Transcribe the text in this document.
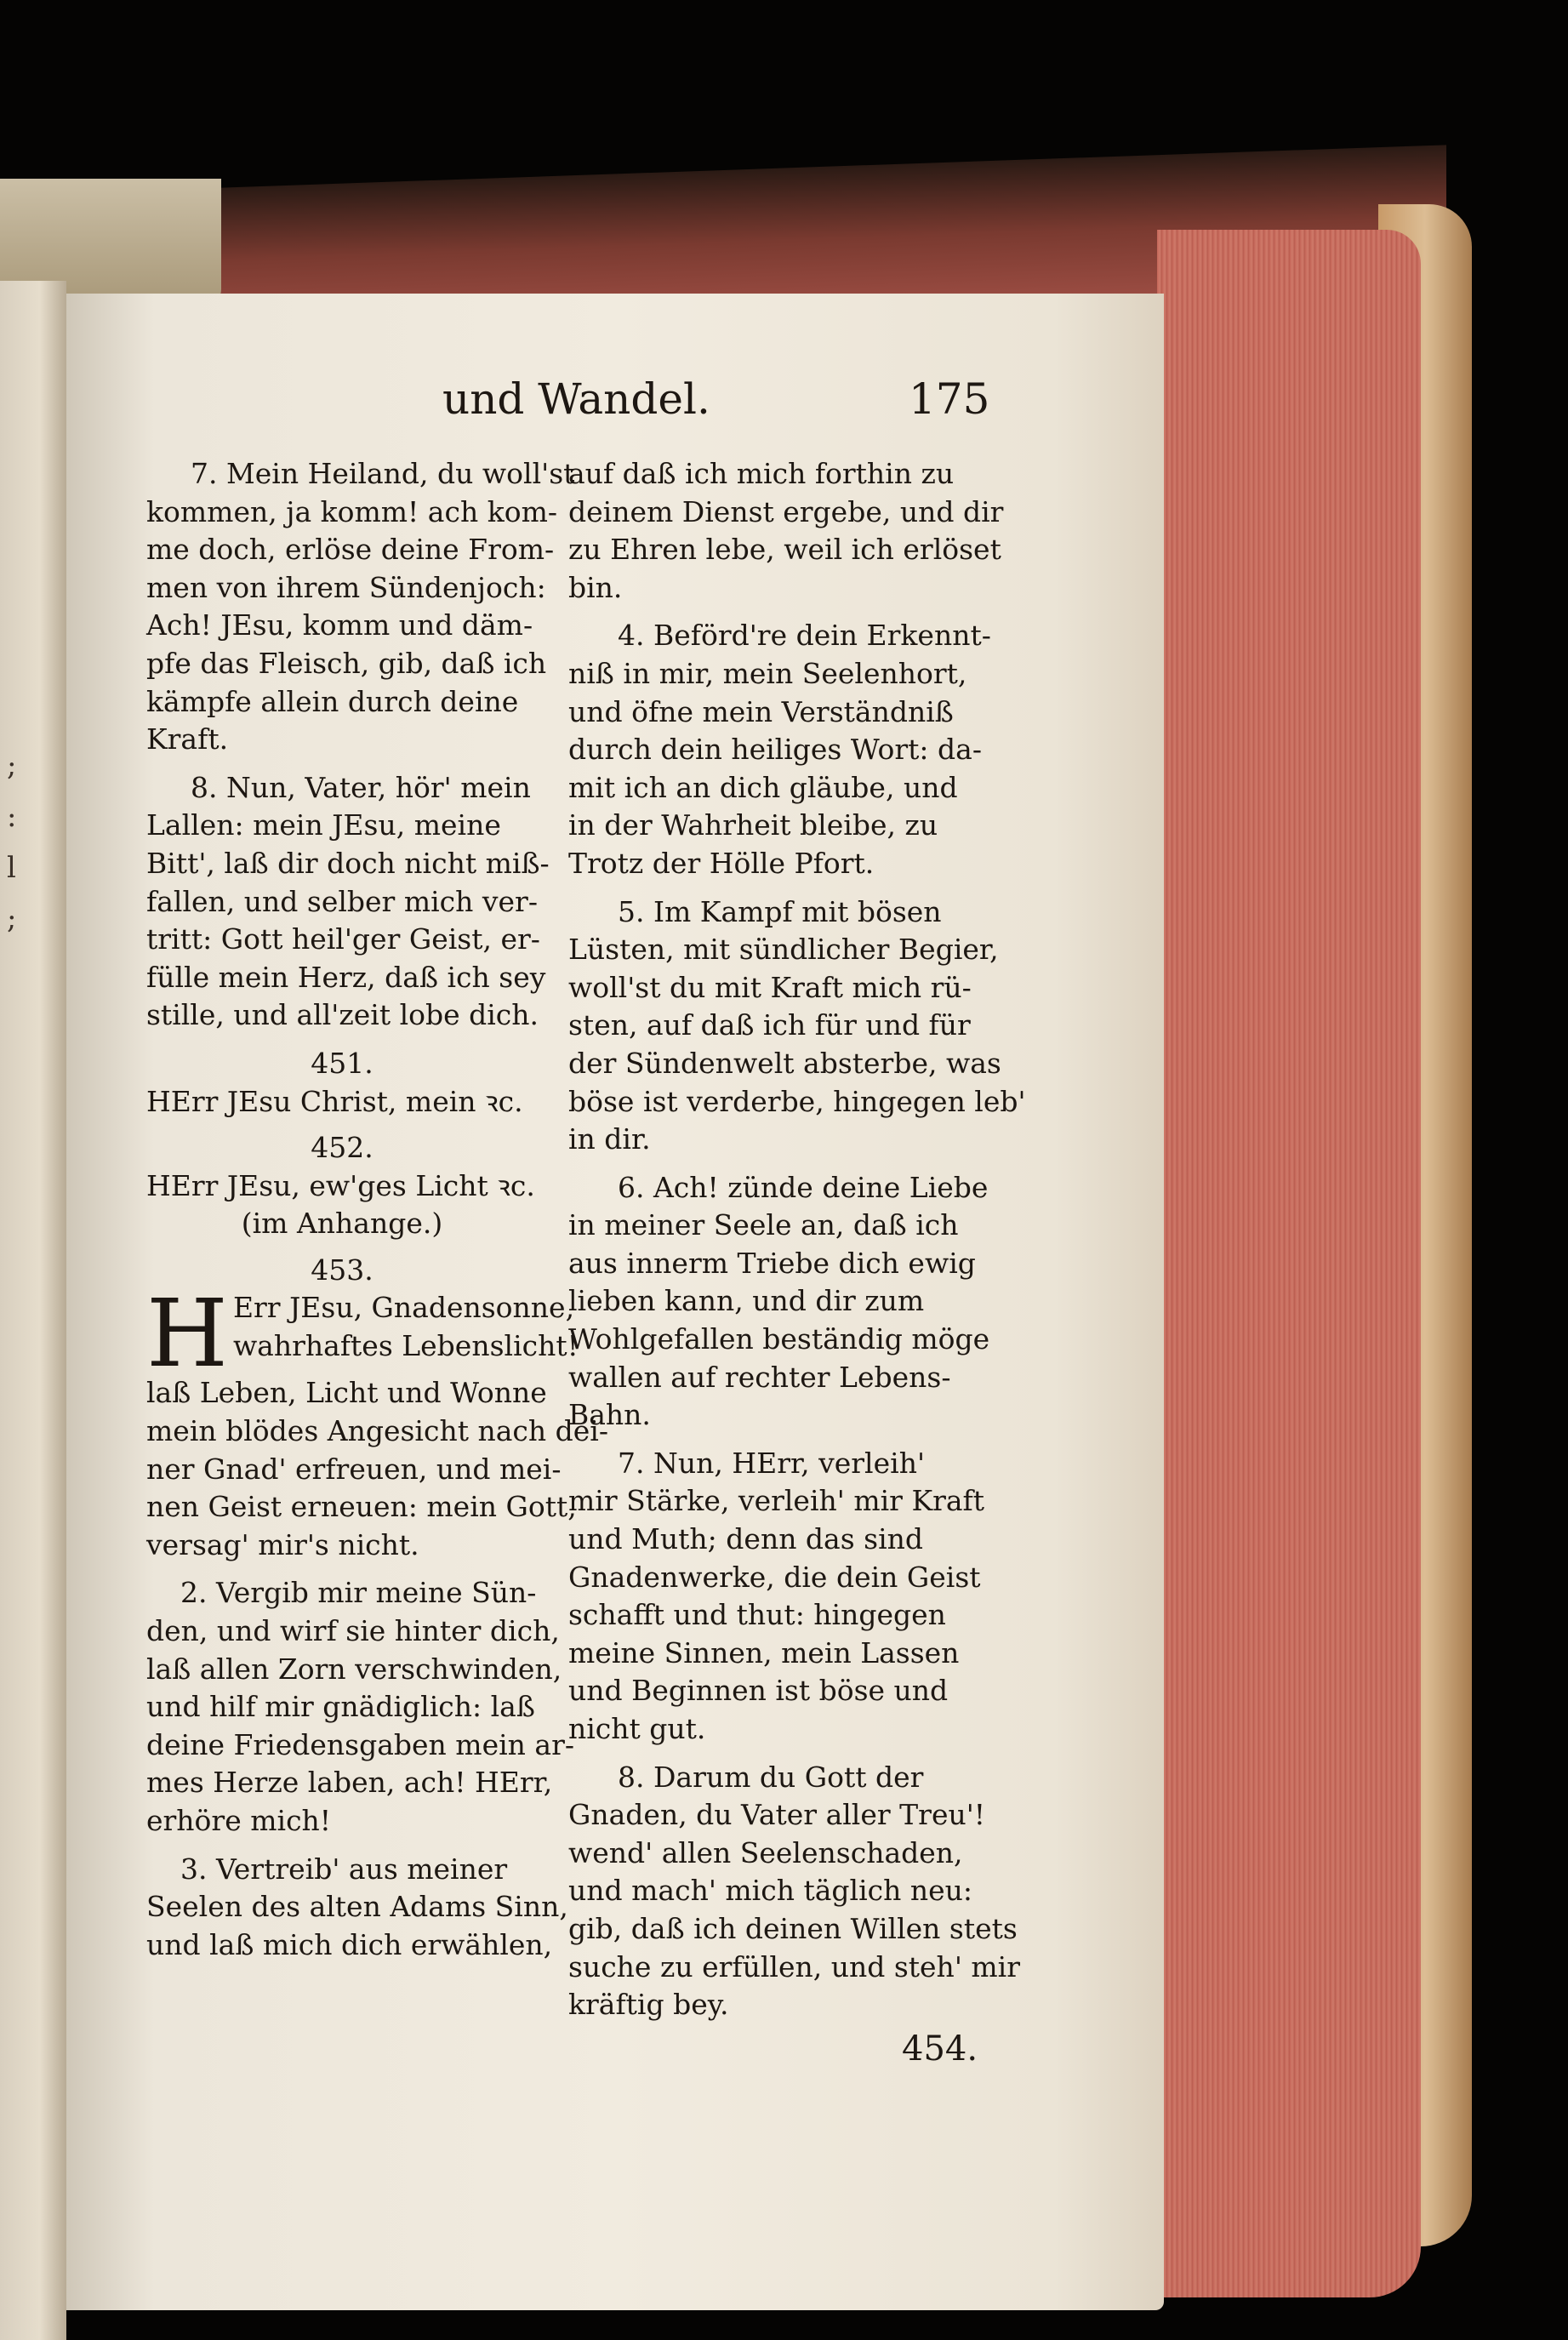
;
:
l
;
und Wandel.	175

7. Mein Heiland, du woll'st

kommen, ja komm! ach kom-

me doch, erlöse deine From-

men von ihrem Sündenjoch:

Ach! JEsu, komm und däm-

pfe das Fleisch, gib, daß ich

kämpfe allein durch deine

Kraft.

8. Nun, Vater, hör' mein

Lallen: mein JEsu, meine

Bitt', laß dir doch nicht miß-

fallen, und selber mich ver-

tritt: Gott heil'ger Geist, er-

fülle mein Herz, daß ich sey

stille, und all'zeit lobe dich.

451.

HErr JEsu Christ, mein ꝛc.

452.

HErr JEsu, ew'ges Licht ꝛc.

(im Anhange.)

453.

H Err JEsu, Gnadensonne,

wahrhaftes Lebenslicht!

laß Leben, Licht und Wonne

mein blödes Angesicht nach dei-

ner Gnad' erfreuen, und mei-

nen Geist erneuen: mein Gott,

versag' mir's nicht.

2. Vergib mir meine Sün-

den, und wirf sie hinter dich,

laß allen Zorn verschwinden,

und hilf mir gnädiglich: laß

deine Friedensgaben mein ar-

mes Herze laben, ach! HErr,

erhöre mich!

3. Vertreib' aus meiner

Seelen des alten Adams Sinn,

und laß mich dich erwählen,

auf daß ich mich forthin zu

deinem Dienst ergebe, und dir

zu Ehren lebe, weil ich erlöset

bin.

4. Beförd're dein Erkennt-

niß in mir, mein Seelenhort,

und öfne mein Verständniß

durch dein heiliges Wort: da-

mit ich an dich gläube, und

in der Wahrheit bleibe, zu

Trotz der Hölle Pfort.

5. Im Kampf mit bösen

Lüsten, mit sündlicher Begier,

woll'st du mit Kraft mich rü-

sten, auf daß ich für und für

der Sündenwelt absterbe, was

böse ist verderbe, hingegen leb'

in dir.

6. Ach! zünde deine Liebe

in meiner Seele an, daß ich

aus innerm Triebe dich ewig

lieben kann, und dir zum

Wohlgefallen beständig möge

wallen auf rechter Lebens-

Bahn.

7. Nun, HErr, verleih'

mir Stärke, verleih' mir Kraft

und Muth; denn das sind

Gnadenwerke, die dein Geist

schafft und thut: hingegen

meine Sinnen, mein Lassen

und Beginnen ist böse und

nicht gut.

8. Darum du Gott der

Gnaden, du Vater aller Treu'!

wend' allen Seelenschaden,

und mach' mich täglich neu:

gib, daß ich deinen Willen stets

suche zu erfüllen, und steh' mir

kräftig bey.

454.
